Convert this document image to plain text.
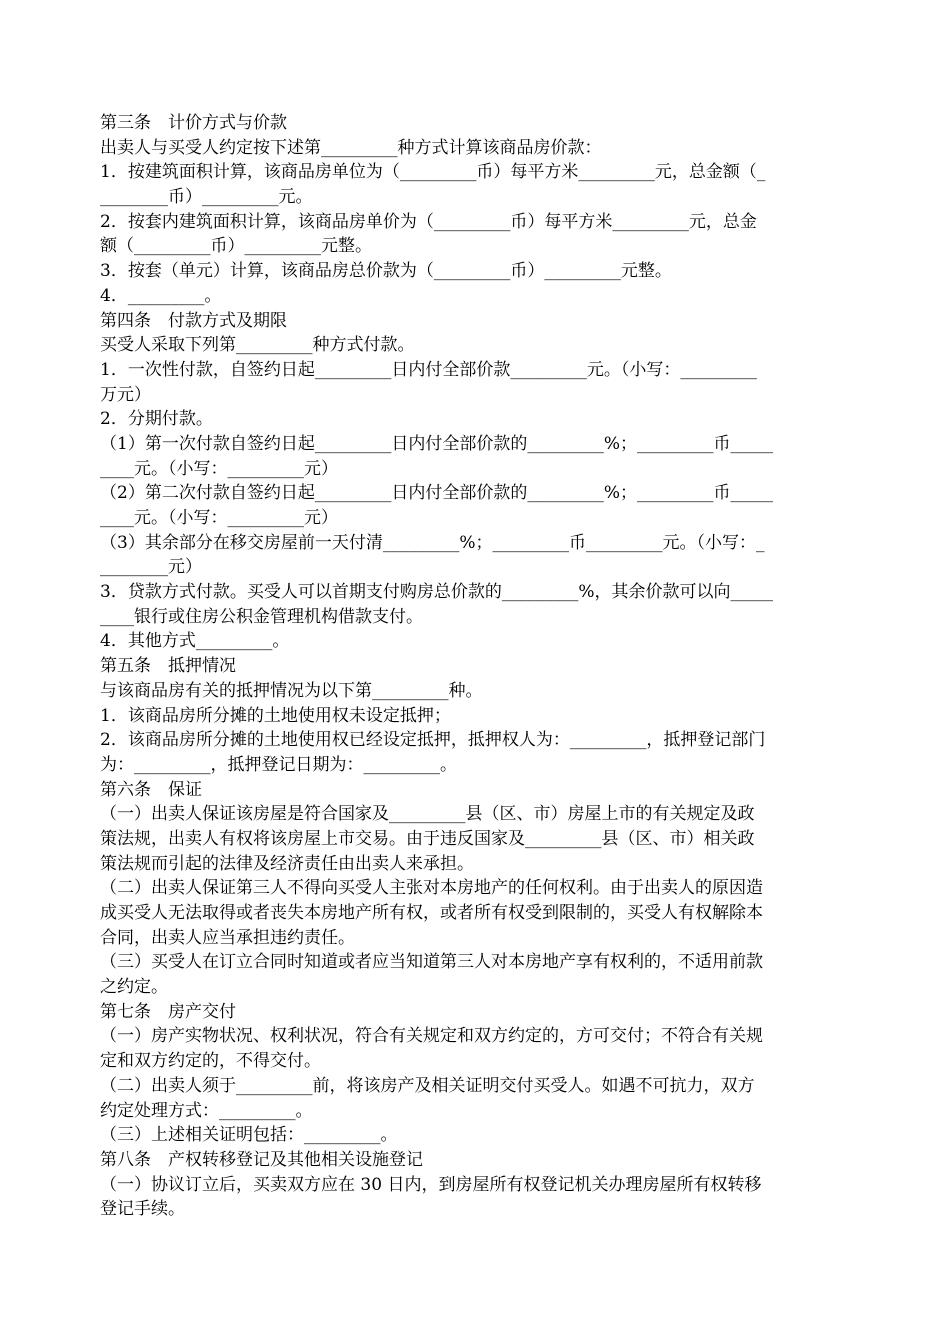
第三条　计价方式与价款
出卖人与买受人约定按下述第_________种方式计算该商品房价款：
1．按建筑面积计算，该商品房单位为（_________币）每平方米_________元，总金额（_
________币）_________元。
2．按套内建筑面积计算，该商品房单价为（_________币）每平方米_________元，总金
额（_________币）_________元整。
3．按套（单元）计算，该商品房总价款为（_________币）_________元整。
4．_________。
第四条　付款方式及期限
买受人采取下列第_________种方式付款。
1．一次性付款，自签约日起_________日内付全部价款_________元。（小写：_________
万元）
2．分期付款。
（1）第一次付款自签约日起_________日内付全部价款的_________%；_________币_____
____元。（小写：_________元）
（2）第二次付款自签约日起_________日内付全部价款的_________%；_________币_____
____元。（小写：_________元）
（3）其余部分在移交房屋前一天付清_________%；_________币_________元。（小写：_
________元）
3．贷款方式付款。买受人可以首期支付购房总价款的_________%，其余价款可以向_____
____银行或住房公积金管理机构借款支付。
4．其他方式_________。
第五条　抵押情况
与该商品房有关的抵押情况为以下第_________种。
1．该商品房所分摊的土地使用权未设定抵押；
2．该商品房所分摊的土地使用权已经设定抵押，抵押权人为：_________，抵押登记部门
为：_________，抵押登记日期为：_________。
第六条　保证
（一）出卖人保证该房屋是符合国家及_________县（区、市）房屋上市的有关规定及政
策法规，出卖人有权将该房屋上市交易。由于违反国家及_________县（区、市）相关政
策法规而引起的法律及经济责任由出卖人来承担。
（二）出卖人保证第三人不得向买受人主张对本房地产的任何权利。由于出卖人的原因造
成买受人无法取得或者丧失本房地产所有权，或者所有权受到限制的，买受人有权解除本
合同，出卖人应当承担违约责任。
（三）买受人在订立合同时知道或者应当知道第三人对本房地产享有权利的，不适用前款
之约定。
第七条　房产交付
（一）房产实物状况、权利状况，符合有关规定和双方约定的，方可交付；不符合有关规
定和双方约定的，不得交付。
（二）出卖人须于_________前，将该房产及相关证明交付买受人。如遇不可抗力，双方
约定处理方式：_________。
（三）上述相关证明包括：_________。
第八条　产权转移登记及其他相关设施登记
（一）协议订立后，买卖双方应在 30 日内，到房屋所有权登记机关办理房屋所有权转移
登记手续。
